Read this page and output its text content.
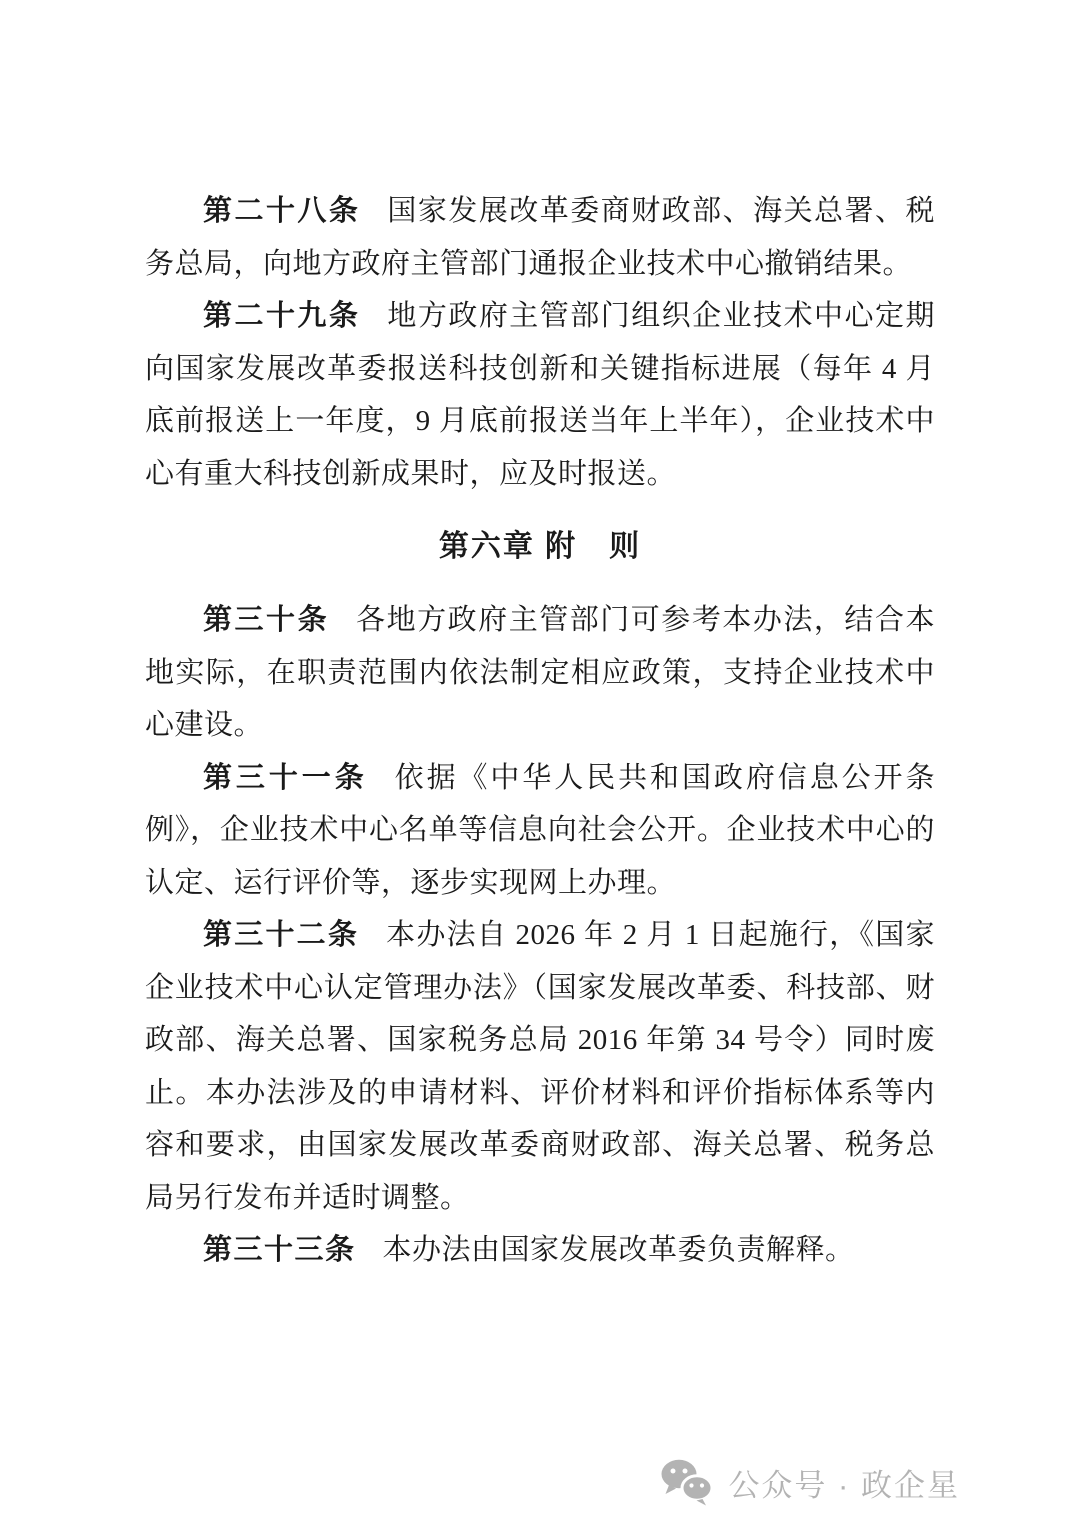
第二十八条 国家发展改革委商财政部、海关总署、税务总局，向地方政府主管部门通报企业技术中心撤销结果。

第二十九条 地方政府主管部门组织企业技术中心定期向国家发展改革委报送科技创新和关键指标进展（每年 4 月底前报送上一年度，9 月底前报送当年上半年），企业技术中心有重大科技创新成果时，应及时报送。

第六章 附　则

第三十条 各地方政府主管部门可参考本办法，结合本地实际，在职责范围内依法制定相应政策，支持企业技术中心建设。

第三十一条 依据《中华人民共和国政府信息公开条例》，企业技术中心名单等信息向社会公开。企业技术中心的认定、运行评价等，逐步实现网上办理。

第三十二条 本办法自 2026 年 2 月 1 日起施行，《国家企业技术中心认定管理办法》（国家发展改革委、科技部、财政部、海关总署、国家税务总局 2016 年第 34 号令）同时废止。本办法涉及的申请材料、评价材料和评价指标体系等内容和要求，由国家发展改革委商财政部、海关总署、税务总局另行发布并适时调整。

第三十三条 本办法由国家发展改革委负责解释。

公众号 · 政企星
